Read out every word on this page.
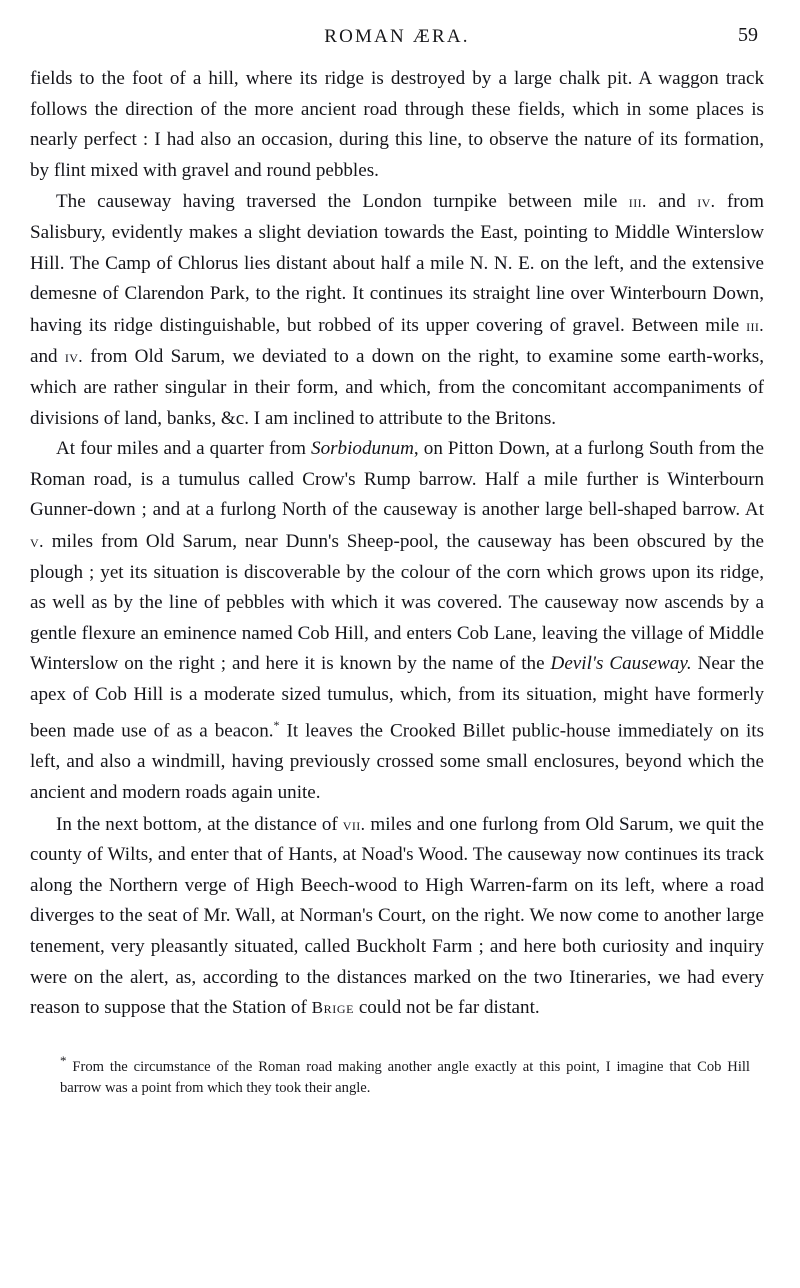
ROMAN ÆRA.	59

fields to the foot of a hill, where its ridge is destroyed by a large chalk pit. A waggon track follows the direction of the more ancient road through these fields, which in some places is nearly perfect : I had also an occasion, during this line, to observe the nature of its formation, by flint mixed with gravel and round pebbles.

The causeway having traversed the London turnpike between mile iii. and iv. from Salisbury, evidently makes a slight deviation towards the East, pointing to Middle Winterslow Hill. The Camp of Chlorus lies distant about half a mile N. N. E. on the left, and the extensive demesne of Clarendon Park, to the right. It continues its straight line over Winterbourn Down, having its ridge distinguishable, but robbed of its upper covering of gravel. Between mile iii. and iv. from Old Sarum, we deviated to a down on the right, to examine some earth-works, which are rather singular in their form, and which, from the concomitant accompaniments of divisions of land, banks, &c. I am inclined to attribute to the Britons.

At four miles and a quarter from Sorbiodunum, on Pitton Down, at a furlong South from the Roman road, is a tumulus called Crow's Rump barrow. Half a mile further is Winterbourn Gunner-down ; and at a furlong North of the causeway is another large bell-shaped barrow. At v. miles from Old Sarum, near Dunn's Sheep-pool, the causeway has been obscured by the plough ; yet its situation is discoverable by the colour of the corn which grows upon its ridge, as well as by the line of pebbles with which it was covered. The causeway now ascends by a gentle flexure an eminence named Cob Hill, and enters Cob Lane, leaving the village of Middle Winterslow on the right ; and here it is known by the name of the Devil's Causeway. Near the apex of Cob Hill is a moderate sized tumulus, which, from its situation, might have formerly been made use of as a beacon.* It leaves the Crooked Billet public-house immediately on its left, and also a windmill, having previously crossed some small enclosures, beyond which the ancient and modern roads again unite.

In the next bottom, at the distance of vii. miles and one furlong from Old Sarum, we quit the county of Wilts, and enter that of Hants, at Noad's Wood. The causeway now continues its track along the Northern verge of High Beech-wood to High Warren-farm on its left, where a road diverges to the seat of Mr. Wall, at Norman's Court, on the right. We now come to another large tenement, very pleasantly situated, called Buckholt Farm ; and here both curiosity and inquiry were on the alert, as, according to the distances marked on the two Itineraries, we had every reason to suppose that the Station of Brige could not be far distant.

* From the circumstance of the Roman road making another angle exactly at this point, I imagine that Cob Hill barrow was a point from which they took their angle.
